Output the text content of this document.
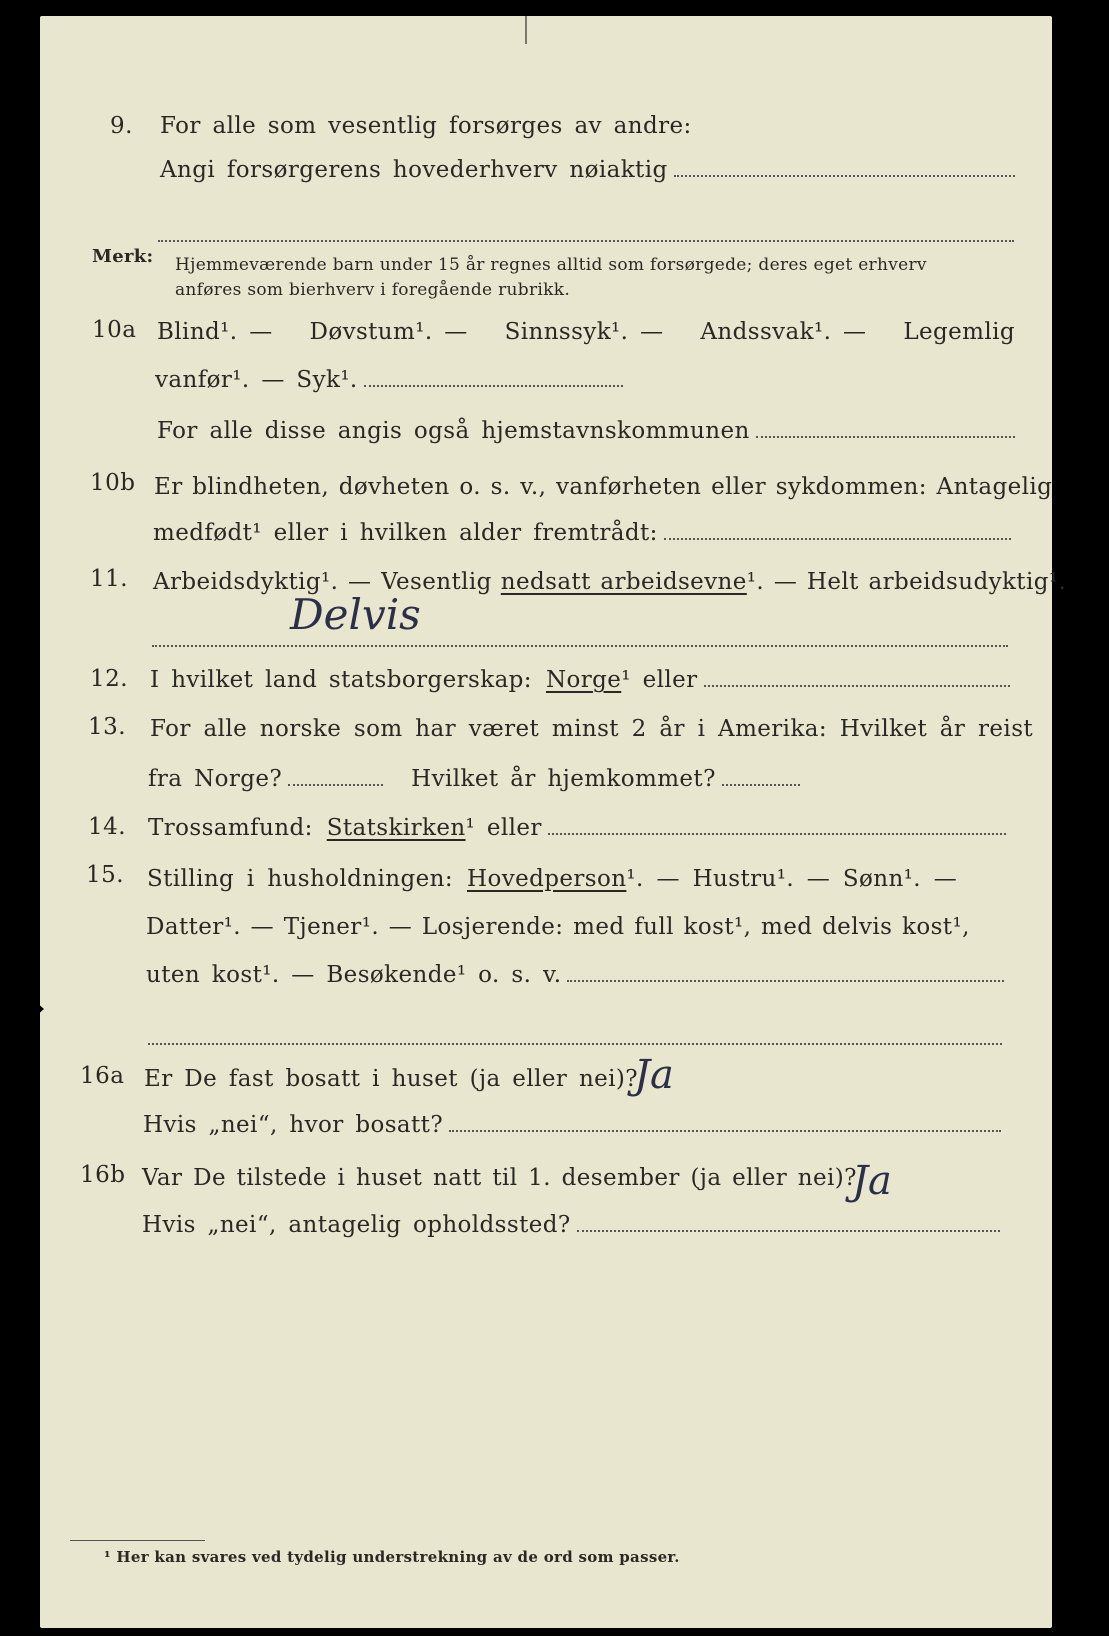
9. For alle som vesentlig forsørges av andre:
Angi forsørgerens hovederhverv nøiaktig
Merk: Hjemmeværende barn under 15 år regnes alltid som forsørgede; deres eget erhverv
anføres som bierhverv i foregående rubrikk.
10a Blind¹. — Døvstum¹. — Sinnssyk¹. — Andssvak¹. — Legemlig
vanfør¹. — Syk¹.
For alle disse angis også hjemstavnskommunen
10b Er blindheten, døvheten o. s. v., vanførheten eller sykdommen: Antagelig
medfødt¹ eller i hvilken alder fremtrådt:
11. Arbeidsdyktig¹. — Vesentlig nedsatt arbeidsevne ¹. — Helt arbeidsudyktig¹.
Delvis
12. I hvilket land statsborgerskap: Norge ¹ eller
13. For alle norske som har været minst 2 år i Amerika: Hvilket år reist
fra Norge?	Hvilket år hjemkommet?
14. Trossamfund: Statskirken ¹ eller
15. Stilling i husholdningen: Hovedperson ¹. — Hustru¹. — Sønn¹. —
Datter¹. — Tjener¹. — Losjerende: med full kost¹, med delvis kost¹,
uten kost¹. — Besøkende¹ o. s. v.
16a Er De fast bosatt i huset (ja eller nei)?
Ja
Hvis „nei“, hvor bosatt?
16b Var De tilstede i huset natt til 1. desember (ja eller nei)?
Ja
Hvis „nei“, antagelig opholdssted?
¹ Her kan svares ved tydelig understrekning av de ord som passer.
